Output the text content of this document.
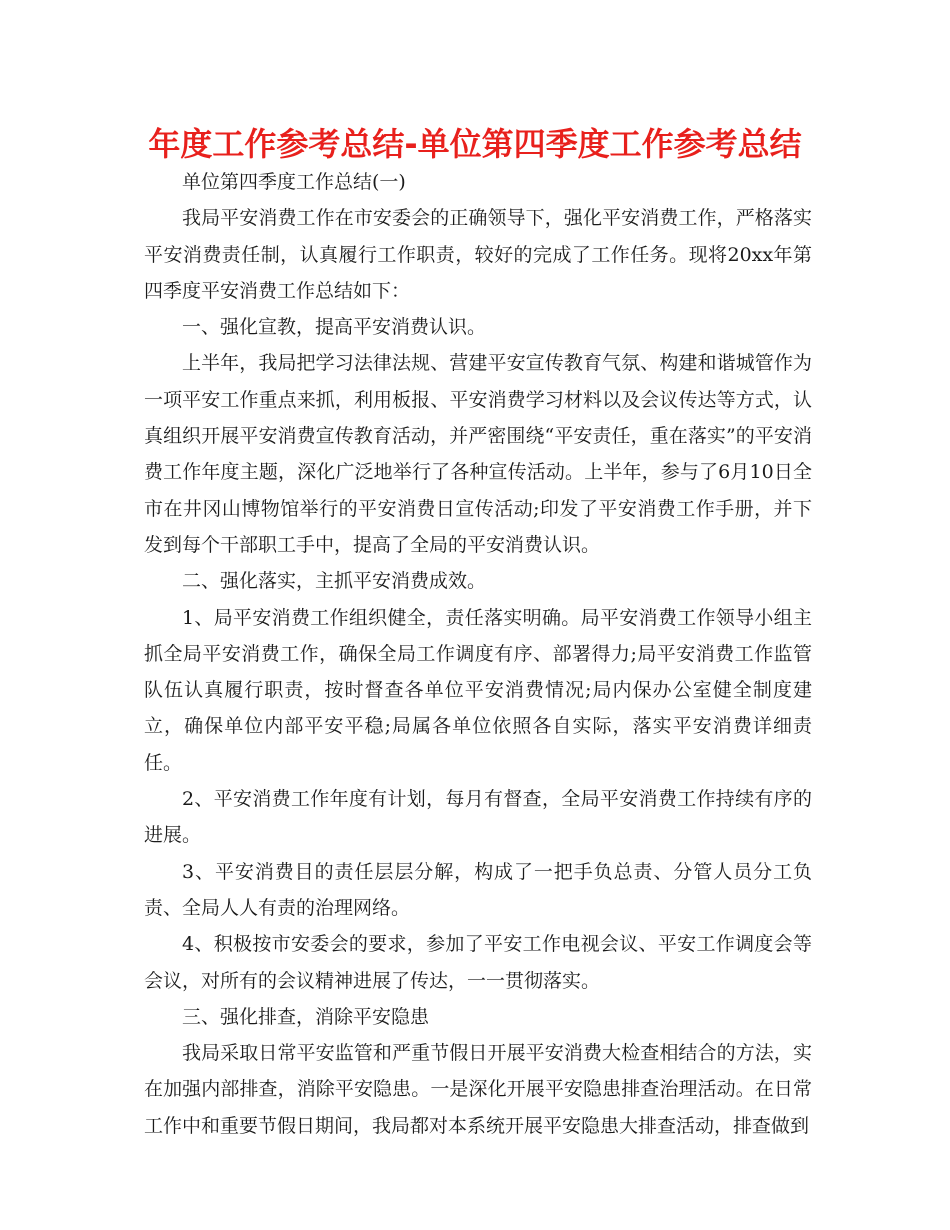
年度工作参考总结-单位第四季度工作参考总结

单位第四季度工作总结(一)

我局平安消费工作在市安委会的正确领导下，强化平安消费工作，严格落实平安消费责任制，认真履行工作职责，较好的完成了工作任务。现将20xx年第四季度平安消费工作总结如下：

一、强化宣教，提高平安消费认识。

上半年，我局把学习法律法规、营建平安宣传教育气氛、构建和谐城管作为一项平安工作重点来抓，利用板报、平安消费学习材料以及会议传达等方式，认真组织开展平安消费宣传教育活动，并严密围绕“平安责任，重在落实”的平安消费工作年度主题，深化广泛地举行了各种宣传活动。上半年，参与了6月10日全市在井冈山博物馆举行的平安消费日宣传活动;印发了平安消费工作手册，并下发到每个干部职工手中，提高了全局的平安消费认识。

二、强化落实，主抓平安消费成效。

1、局平安消费工作组织健全，责任落实明确。局平安消费工作领导小组主抓全局平安消费工作，确保全局工作调度有序、部署得力;局平安消费工作监管队伍认真履行职责，按时督查各单位平安消费情况;局内保办公室健全制度建立，确保单位内部平安平稳;局属各单位依照各自实际，落实平安消费详细责任。

2、平安消费工作年度有计划，每月有督查，全局平安消费工作持续有序的进展。

3、平安消费目的责任层层分解，构成了一把手负总责、分管人员分工负责、全局人人有责的治理网络。

4、积极按市安委会的要求，参加了平安工作电视会议、平安工作调度会等会议，对所有的会议精神进展了传达，一一贯彻落实。

三、强化排查，消除平安隐患

我局采取日常平安监管和严重节假日开展平安消费大检查相结合的方法，实在加强内部排查，消除平安隐患。一是深化开展平安隐患排查治理活动。在日常工作中和重要节假日期间，我局都对本系统开展平安隐患大排查活动，排查做到
